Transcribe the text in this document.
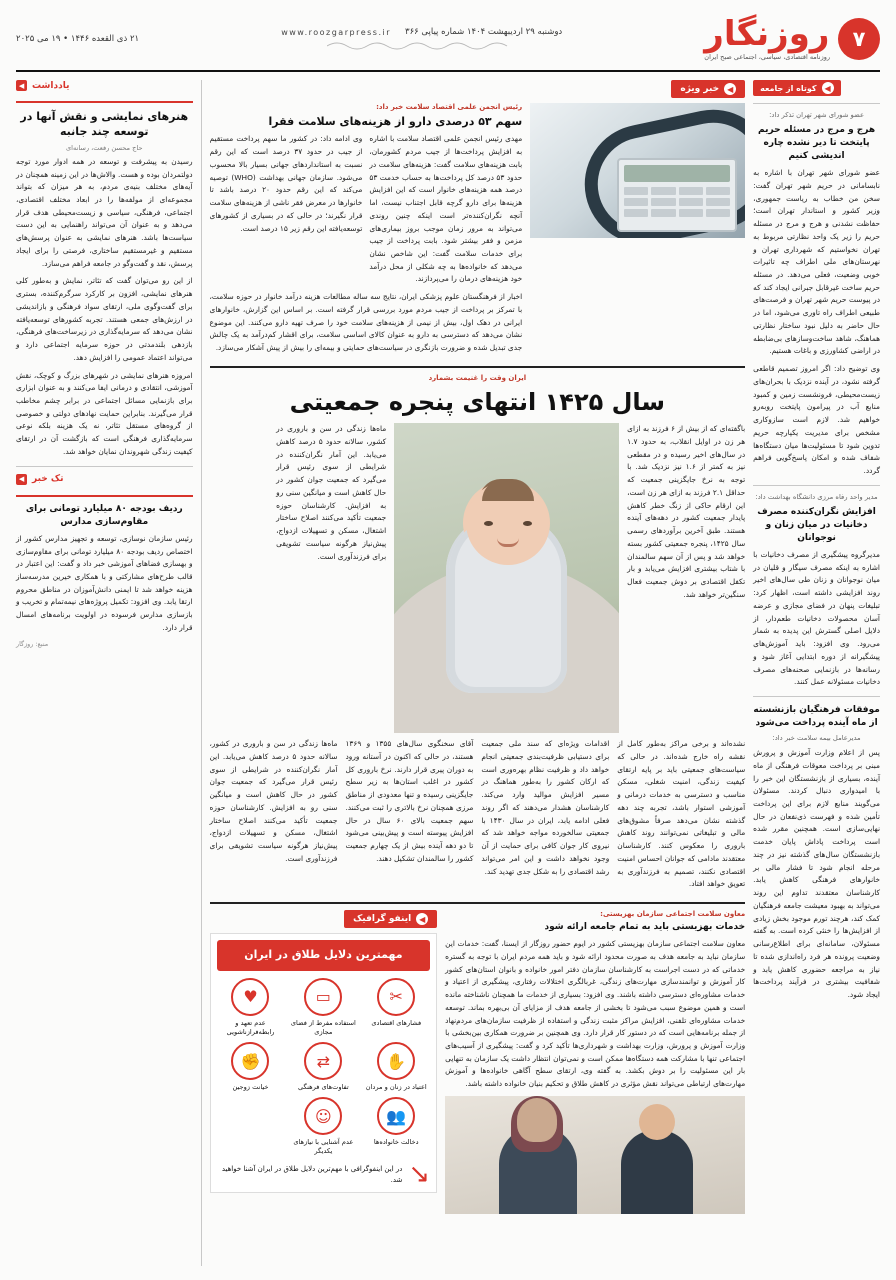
۷
روزنگار
روزنامه اقتصادی، سیاسی، اجتماعی صبح ایران
دوشنبه ۲۹ اردیبهشت ۱۴۰۴ شماره پیاپی ۳۶۶
www.roozgarpress.ir
۲۱ ذی القعده ۱۴۴۶ • ۱۹ می ۲۰۲۵
◀
خبر ویژه
رئیس انجمن علمی اقتصاد سلامت خبر داد:
سهم ۵۳ درصدی دارو از هزینه‌های سلامت فقرا

مهدی رئیس انجمن علمی اقتصاد سلامت با اشاره به افزایش پرداخت‌ها از جیب مردم کشورمان، بابت هزینه‌های سلامت گفت: هزینه‌های سلامت در حدود ۵۳ درصد کل پرداخت‌ها به حساب خدمت ۵۳ درصد همه هزینه‌های خانوار است که این افزایش هزینه‌ها برای دارو گرچه قابل اجتناب نیست، اما آنچه نگران‌کننده‌تر است اینکه چنین روندی می‌تواند به مرور زمان موجب بروز بیماری‌های مزمن و فقر بیشتر شود. بابت پرداخت از جیب برای خدمات سلامت گفت: این شاخص نشان می‌دهد که خانواده‌ها به چه شکلی از محل درآمد خود هزینه‌های درمان را می‌پردازند.

وی ادامه داد: در کشور ما سهم پرداخت مستقیم از جیب در حدود ۳۷ درصد است که این رقم نسبت به استانداردهای جهانی بسیار بالا محسوب می‌شود. سازمان جهانی بهداشت (WHO) توصیه می‌کند که این رقم حدود ۲۰ درصد باشد تا خانوارها در معرض فقر ناشی از هزینه‌های سلامت قرار نگیرند؛ در حالی که در بسیاری از کشورهای توسعه‌یافته این رقم زیر ۱۵ درصد است.

اخبار از فرهنگستان علوم پزشکی ایران، نتایج سه ساله مطالعات هزینه درآمد خانوار در حوزه سلامت، با تمرکز بر پرداخت از جیب مردم مورد بررسی قرار گرفته است. بر اساس این گزارش، خانوارهای ایرانی در دهک اول، بیش از نیمی از هزینه‌های سلامت خود را صرف تهیه دارو می‌کنند. این موضوع نشان می‌دهد که دسترسی به دارو به عنوان کالای اساسی سلامت، برای اقشار کم‌درآمد به یک چالش جدی تبدیل شده و ضرورت بازنگری در سیاست‌های حمایتی و بیمه‌ای را بیش از پیش آشکار می‌سازد.

ایران وقت را غنیمت بشمارد
سال ۱۴۲۵ انتهای پنجره جمعیتی

باگفته‌ای که از بیش از ۶ فرزند به ازای هر زن در اوایل انقلاب، به حدود ۱.۷ در سال‌های اخیر رسیده و در مقطعی نیز به کمتر از ۱.۶ نیز نزدیک شد. با توجه به نرخ جایگزینی جمعیت که حداقل ۲.۱ فرزند به ازای هر زن است، این ارقام حاکی از زنگ خطر کاهش پایدار جمعیت کشور در دهه‌های آینده هستند. طبق آخرین برآوردهای رسمی سال ۱۴۲۵، پنجره جمعیتی کشور بسته خواهد شد و پس از آن سهم سالمندان با شتاب بیشتری افزایش می‌یابد و بار تکفل اقتصادی بر دوش جمعیت فعال سنگین‌تر خواهد شد.

ماه‌ها زندگی در سن و باروری در کشور، سالانه حدود ۵ درصد کاهش می‌یابد. این آمار نگران‌کننده در شرایطی از سوی رئیس قرار می‌گیرد که جمعیت جوان کشور در حال کاهش است و میانگین سنی رو به افزایش. کارشناسان حوزه جمعیت تأکید می‌کنند اصلاح ساختار اشتغال، مسکن و تسهیلات ازدواج، پیش‌نیاز هرگونه سیاست تشویقی برای فرزندآوری است.

نشده‌اند و برخی مراکز به‌طور کامل از نقشه راه خارج شده‌اند. در حالی که سیاست‌های جمعیتی باید بر پایه ارتقای کیفیت زندگی، امنیت شغلی، مسکن مناسب و دسترسی به خدمات درمانی و آموزشی استوار باشد، تجربه چند دهه گذشته نشان می‌دهد صرفاً مشوق‌های مالی و تبلیغاتی نمی‌توانند روند کاهش باروری را معکوس کنند. کارشناسان معتقدند مادامی که جوانان احساس امنیت اقتصادی نکنند، تصمیم به فرزندآوری به تعویق خواهد افتاد.

اقدامات ویژه‌ای که سند ملی جمعیت برای دستیابی ظرفیت‌بندی جمعیتی انجام خواهد داد و ظرفیت نظام بهره‌وری است که ارکان کشور را به‌طور هماهنگ در مسیر افزایش موالید وارد می‌کند. کارشناسان هشدار می‌دهند که اگر روند فعلی ادامه یابد، ایران در سال ۱۴۳۰ با جمعیتی سالخورده مواجه خواهد شد که نیروی کار جوان کافی برای حمایت از آن وجود نخواهد داشت و این امر می‌تواند رشد اقتصادی را به شکل جدی تهدید کند.

آقای سخنگوی سال‌های ۱۳۵۵ و ۱۳۶۹ هستند، در حالی که اکنون در آستانه ورود به دوران پیری قرار دارند. نرخ باروری کل کشور در اغلب استان‌ها به زیر سطح جایگزینی رسیده و تنها معدودی از مناطق مرزی همچنان نرخ بالاتری را ثبت می‌کنند. سهم جمعیت بالای ۶۰ سال در حال افزایش پیوسته است و پیش‌بینی می‌شود تا دو دهه آینده بیش از یک چهارم جمعیت کشور را سالمندان تشکیل دهند.

ماه‌ها زندگی در سن و باروری در کشور، سالانه حدود ۵ درصد کاهش می‌یابد. این آمار نگران‌کننده در شرایطی از سوی رئیس قرار می‌گیرد که جمعیت جوان کشور در حال کاهش است و میانگین سنی رو به افزایش. کارشناسان حوزه جمعیت تأکید می‌کنند اصلاح ساختار اشتغال، مسکن و تسهیلات ازدواج، پیش‌نیاز هرگونه سیاست تشویقی برای فرزندآوری است.

معاون سلامت اجتماعی سازمان بهزیستی:
خدمات بهزیستی باید به تمام جامعه ارائه شود

معاون سلامت اجتماعی سازمان بهزیستی کشور در ایوم حضور روزگار از ایسنا، گفت: خدمات این سازمان نباید به جامعه هدف به صورت محدود ارائه شود و باید همه مردم ایران با توجه به گستره خدماتی که در دست اجراست به کارشناسان سازمان دفتر امور خانواده و بانوان استان‌های کشور کار آموزش و توانمندسازی مهارت‌های زندگی، غربالگری اختلالات رفتاری، پیشگیری از اعتیاد و خدمات مشاوره‌ای دسترسی داشته باشند. وی افزود: بسیاری از خدمات ما همچنان ناشناخته مانده است و همین موضوع سبب می‌شود تا بخشی از جامعه هدف از مزایای آن بی‌بهره بماند. توسعه خدمات مشاوره‌ای تلفنی، افزایش مراکز مثبت زندگی و استفاده از ظرفیت سازمان‌های مردم‌نهاد از جمله برنامه‌هایی است که در دستور کار قرار دارد. وی همچنین بر ضرورت همکاری بین‌بخشی با وزارت آموزش و پرورش، وزارت بهداشت و شهرداری‌ها تأکید کرد و گفت: پیشگیری از آسیب‌های اجتماعی تنها با مشارکت همه دستگاه‌ها ممکن است و نمی‌توان انتظار داشت یک سازمان به تنهایی بار این مسئولیت را بر دوش بکشد. به گفته وی، ارتقای سطح آگاهی خانواده‌ها و آموزش مهارت‌های ارتباطی می‌تواند نقش مؤثری در کاهش طلاق و تحکیم بنیان خانواده داشته باشد.

◀
اینفو گرافیک
مهمترین دلایل طلاق در ایران
✂
فشارهای اقتصادی
▭
استفاده مفرط از فضای مجازی
♥
عدم تعهد و رابطه‌فرازناشویی
✋
اعتیاد در زنان و مردان
⇄
تفاوت‌های فرهنگی
✊
خیانت زوجین
👥
دخالت خانواده‌ها
☺
عدم آشنایی با نیازهای یکدیگر
↘

در این اینفوگرافی با مهم‌ترین دلایل طلاق در ایران آشنا خواهید شد.

◀
کوتاه از جامعه
عضو شورای شهر تهران تذکر داد:
هرج و مرج در مسئله حریم پایتخت تا دیر نشده چاره اندیشی کنیم

عضو شورای شهر تهران با اشاره به نابسامانی در حریم شهر تهران گفت: سخن من خطاب به ریاست جمهوری، وزیر کشور و استاندار تهران است؛ حفاظت نشدنی و هرج و مرج در مسئله حریم را زیر یک واحد نظارتی مربوط به تهران نخواستیم که شهرداری تهران و نهرستان‌های ملی اطراف چه تاثیرات خوبی وضعیت، فعلی می‌دهد. در مسئله حریم ساخت غیرقابل جبرانی ایجاد کند که در پیوست حریم شهر تهران و فرصت‌های طبیعی اطراف راه تاوری می‌شود، اما در حال حاضر به دلیل نبود ساختار نظارتی هماهنگ، شاهد ساخت‌وسازهای بی‌ضابطه در اراضی کشاورزی و باغات هستیم.

وی توضیح داد: اگر امروز تصمیم قاطعی گرفته نشود، در آینده نزدیک با بحران‌های زیست‌محیطی، فرونشست زمین و کمبود منابع آب در پیرامون پایتخت روبه‌رو خواهیم شد. لازم است سازوکاری مشخص برای مدیریت یکپارچه حریم تدوین شود تا مسئولیت‌ها میان دستگاه‌ها شفاف شده و امکان پاسخ‌گویی فراهم گردد.

مدیر واحد رفاه مرزی دانشگاه بهداشت داد:
افزایش نگران‌کننده مصرف دخانیات در میان زنان و نوجوانان

مدیرگروه پیشگیری از مصرف دخانیات با اشاره به اینکه مصرف سیگار و قلیان در میان نوجوانان و زنان طی سال‌های اخیر روند افزایشی داشته است، اظهار کرد: تبلیغات پنهان در فضای مجازی و عرضه آسان محصولات دخانیات طعم‌دار، از دلایل اصلی گسترش این پدیده به شمار می‌رود. وی افزود: باید آموزش‌های پیشگیرانه از دوره ابتدایی آغاز شود و رسانه‌ها در بازنمایی صحنه‌های مصرف دخانیات مسئولانه عمل کنند.

موفقات فرهنگیان بازنشسته از ماه آینده پرداخت می‌شود
مدیرعامل بیمه سلامت خبر داد:

پس از اعلام وزارت آموزش و پرورش مبنی بر پرداخت معوقات فرهنگی از ماه آینده، بسیاری از بازنشستگان این خبر را با امیدواری دنبال کردند. مسئولان می‌گویند منابع لازم برای این پرداخت تأمین شده و فهرست ذی‌نفعان در حال نهایی‌سازی است. همچنین مقرر شده است پرداخت پاداش پایان خدمت بازنشستگان سال‌های گذشته نیز در چند مرحله انجام شود تا فشار مالی بر خانوارهای فرهنگی کاهش یابد. کارشناسان معتقدند تداوم این روند می‌تواند به بهبود معیشت جامعه فرهنگیان کمک کند، هرچند تورم موجود بخش زیادی از افزایش‌ها را خنثی کرده است. به گفته مسئولان، سامانه‌ای برای اطلاع‌رسانی وضعیت پرونده هر فرد راه‌اندازی شده تا نیاز به مراجعه حضوری کاهش یابد و شفافیت بیشتری در فرآیند پرداخت‌ها ایجاد شود.

یادداشت
◀
هنرهای نمایشی و نقش آنها در توسعه چند جانبه
حاج محسن رفعت، رسانه‌ای

رسیدن به پیشرفت و توسعه در همه ادوار مورد توجه دولتمردان بوده و هست. والاش‌ها در این زمینه همچنان در آیه‌های مختلف بنیه‌ی مردم، به هر میزان که بتواند مجموعه‌ای از مولفه‌ها را در ابعاد مختلف اقتصادی، اجتماعی، فرهنگی، سیاسی و زیست‌محیطی هدف قرار می‌دهد و به عنوان آن می‌تواند راهنمایی به این دست سیاست‌ها باشد. هنرهای نمایشی به عنوان پرسش‌های مستقیم و غیرمستقیم ساختاری، فرصتی را برای ایجاد پرسش، نقد و گفت‌وگو در جامعه فراهم می‌سازد.

از این رو می‌توان گفت که تئاتر، نمایش و به‌طور کلی هنرهای نمایشی، افزون بر کارکرد سرگرم‌کننده، بستری برای گفت‌وگوی ملی، ارتقای سواد فرهنگی و بازاندیشی در ارزش‌های جمعی هستند. تجربه کشورهای توسعه‌یافته نشان می‌دهد که سرمایه‌گذاری در زیرساخت‌های فرهنگی، بازدهی بلندمدتی در حوزه سرمایه اجتماعی دارد و می‌تواند اعتماد عمومی را افزایش دهد.

امروزه هنرهای نمایشی در شهرهای بزرگ و کوچک، نقش آموزشی، انتقادی و درمانی ایفا می‌کنند و به عنوان ابزاری برای بازنمایی مسائل اجتماعی در برابر چشم مخاطب قرار می‌گیرند. بنابراین حمایت نهادهای دولتی و خصوصی از گروه‌های مستقل تئاتر، نه یک هزینه بلکه نوعی سرمایه‌گذاری فرهنگی است که بازگشت آن در ارتقای کیفیت زندگی شهروندان نمایان خواهد شد.

تک خبر
◀
ردیف بودجه ۸۰ میلیارد تومانی برای مقاوم‌سازی مدارس

رئیس سازمان نوسازی، توسعه و تجهیز مدارس کشور از اختصاص ردیف بودجه ۸۰ میلیارد تومانی برای مقاوم‌سازی و بهسازی فضاهای آموزشی خبر داد و گفت: این اعتبار در قالب طرح‌های مشارکتی و با همکاری خیرین مدرسه‌ساز هزینه خواهد شد تا ایمنی دانش‌آموزان در مناطق محروم ارتقا یابد. وی افزود: تکمیل پروژه‌های نیمه‌تمام و تخریب و بازسازی مدارس فرسوده در اولویت برنامه‌های امسال قرار دارد.

منبع: روزگار
